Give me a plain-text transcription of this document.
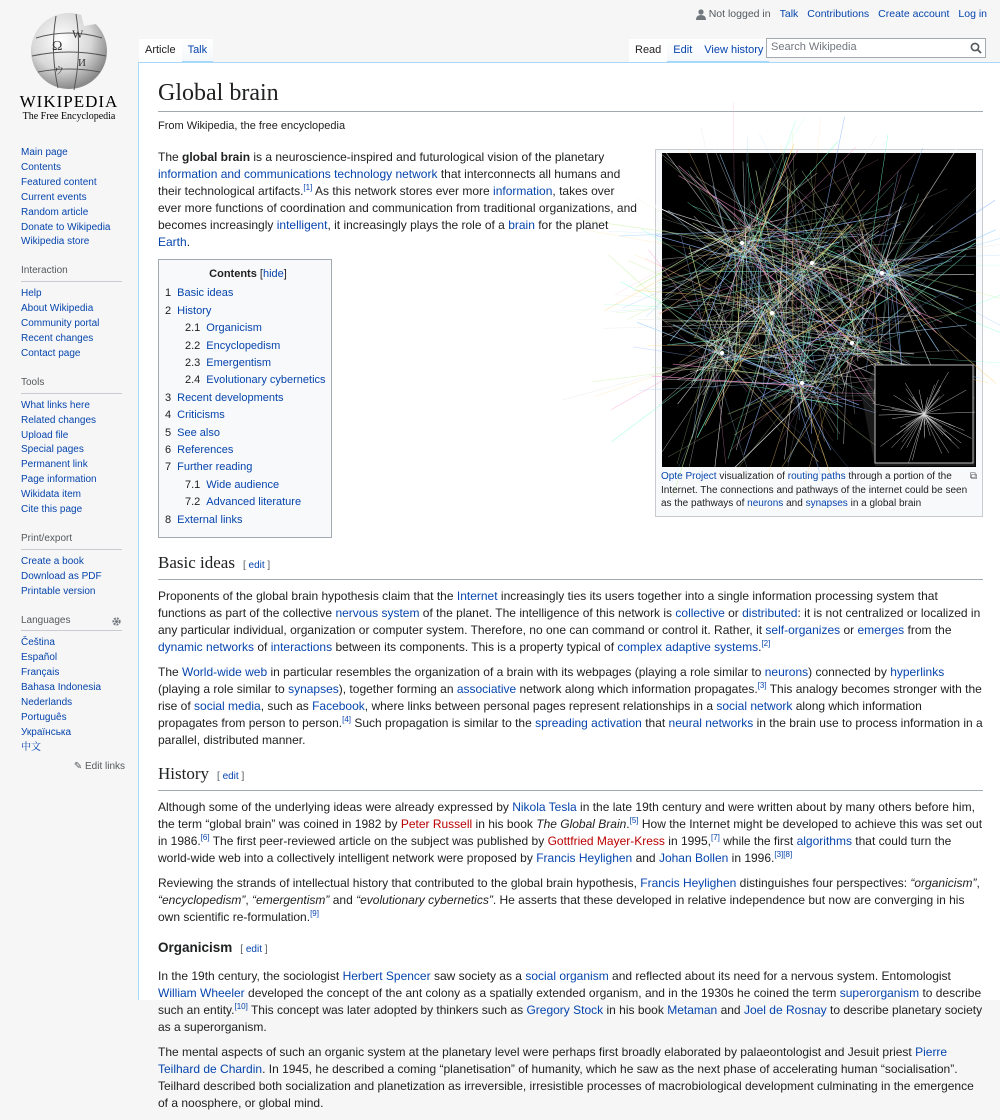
Ω
W
И
ウ
WIKIPEDIA
The Free Encyclopedia
Not logged in Talk Contributions Create account Log in
Article	Talk	Read	Edit	View history Search Wikipedia
Main page
Contents
Featured content
Current events
Random article
Donate to Wikipedia
Wikipedia store
Interaction
Help
About Wikipedia
Community portal
Recent changes
Contact page
Tools
What links here
Related changes
Upload file
Special pages
Permanent link
Page information
Wikidata item
Cite this page
Print/export
Create a book
Download as PDF
Printable version
Languages
Čeština
Español
Français
Bahasa Indonesia
Nederlands
Português
Українська
中文
✎ Edit links
Global brain
From Wikipedia, the free encyclopedia
⧉
Opte Project visualization of routing paths through a portion of the Internet. The connections and pathways of the internet could be seen as the pathways of neurons and synapses in a global brain

The global brain is a neuroscience-inspired and futurological vision of the planetary information and communications technology network that interconnects all humans and their technological artifacts.[1] As this network stores ever more information, takes over ever more functions of coordination and communication from traditional organizations, and becomes increasingly intelligent, it increasingly plays the role of a brain for the planet Earth.

Contents [hide]
1 Basic ideas
2 History
2.1 Organicism
2.2 Encyclopedism
2.3 Emergentism
2.4 Evolutionary cybernetics
3 Recent developments
4 Criticisms
5 See also
6 References
7 Further reading
7.1 Wide audience
7.2 Advanced literature
8 External links
Basic ideas [ edit ]

Proponents of the global brain hypothesis claim that the Internet increasingly ties its users together into a single information processing system that functions as part of the collective nervous system of the planet. The intelligence of this network is collective or distributed: it is not centralized or localized in any particular individual, organization or computer system. Therefore, no one can command or control it. Rather, it self-organizes or emerges from the dynamic networks of interactions between its components. This is a property typical of complex adaptive systems.[2]

The World-wide web in particular resembles the organization of a brain with its webpages (playing a role similar to neurons) connected by hyperlinks (playing a role similar to synapses), together forming an associative network along which information propagates.[3] This analogy becomes stronger with the rise of social media, such as Facebook, where links between personal pages represent relationships in a social network along which information propagates from person to person.[4] Such propagation is similar to the spreading activation that neural networks in the brain use to process information in a parallel, distributed manner.

History [ edit ]

Although some of the underlying ideas were already expressed by Nikola Tesla in the late 19th century and were written about by many others before him, the term “global brain” was coined in 1982 by Peter Russell in his book The Global Brain.[5] How the Internet might be developed to achieve this was set out in 1986.[6] The first peer-reviewed article on the subject was published by Gottfried Mayer-Kress in 1995,[7] while the first algorithms that could turn the world-wide web into a collectively intelligent network were proposed by Francis Heylighen and Johan Bollen in 1996.[3][8]

Reviewing the strands of intellectual history that contributed to the global brain hypothesis, Francis Heylighen distinguishes four perspectives: “organicism”, “encyclopedism”, “emergentism” and “evolutionary cybernetics”. He asserts that these developed in relative independence but now are converging in his own scientific re-formulation.[9]

Organicism [ edit ]

In the 19th century, the sociologist Herbert Spencer saw society as a social organism and reflected about its need for a nervous system. Entomologist William Wheeler developed the concept of the ant colony as a spatially extended organism, and in the 1930s he coined the term superorganism to describe such an entity.[10] This concept was later adopted by thinkers such as Gregory Stock in his book Metaman and Joel de Rosnay to describe planetary society as a superorganism.

The mental aspects of such an organic system at the planetary level were perhaps first broadly elaborated by palaeontologist and Jesuit priest Pierre Teilhard de Chardin. In 1945, he described a coming “planetisation” of humanity, which he saw as the next phase of accelerating human “socialisation”. Teilhard described both socialization and planetization as irreversible, irresistible processes of macrobiological development culminating in the emergence of a noosphere, or global mind.
